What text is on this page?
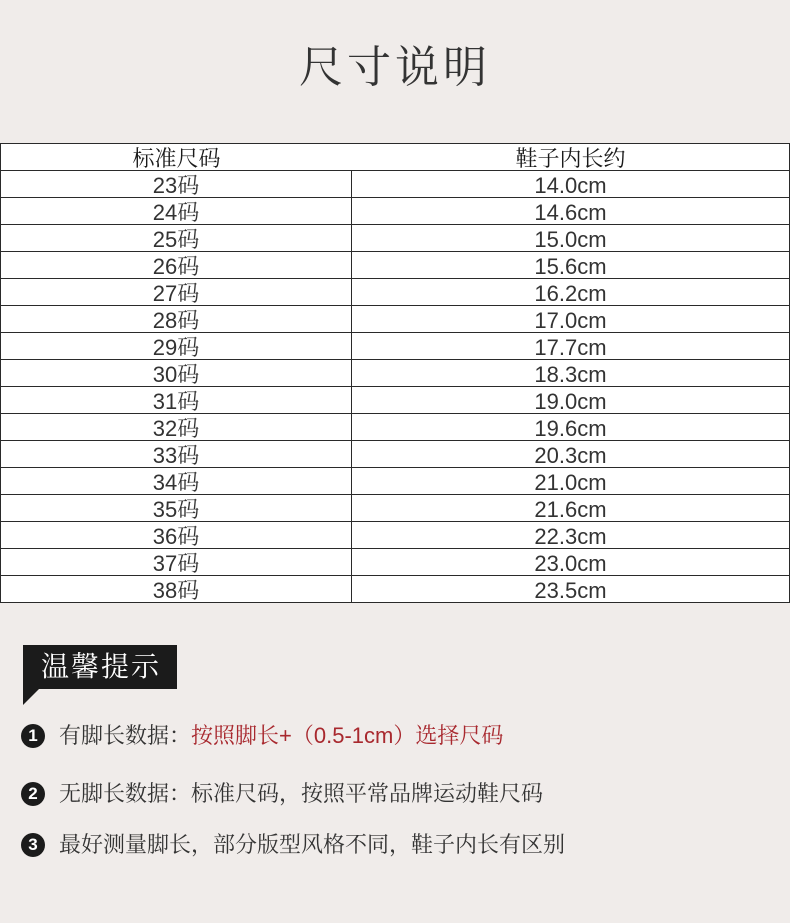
尺寸说明
标准尺码	鞋子内长约
23码	14.0cm
24码	14.6cm
25码	15.0cm
26码	15.6cm
27码	16.2cm
28码	17.0cm
29码	17.7cm
30码	18.3cm
31码	19.0cm
32码	19.6cm
33码	20.3cm
34码	21.0cm
35码	21.6cm
36码	22.3cm
37码	23.0cm
38码	23.5cm
温馨提示
1 有脚长数据： 按照脚长+（0.5-1cm）选择尺码
2 无脚长数据：标准尺码，按照平常品牌运动鞋尺码
3 最好测量脚长，部分版型风格不同，鞋子内长有区别
